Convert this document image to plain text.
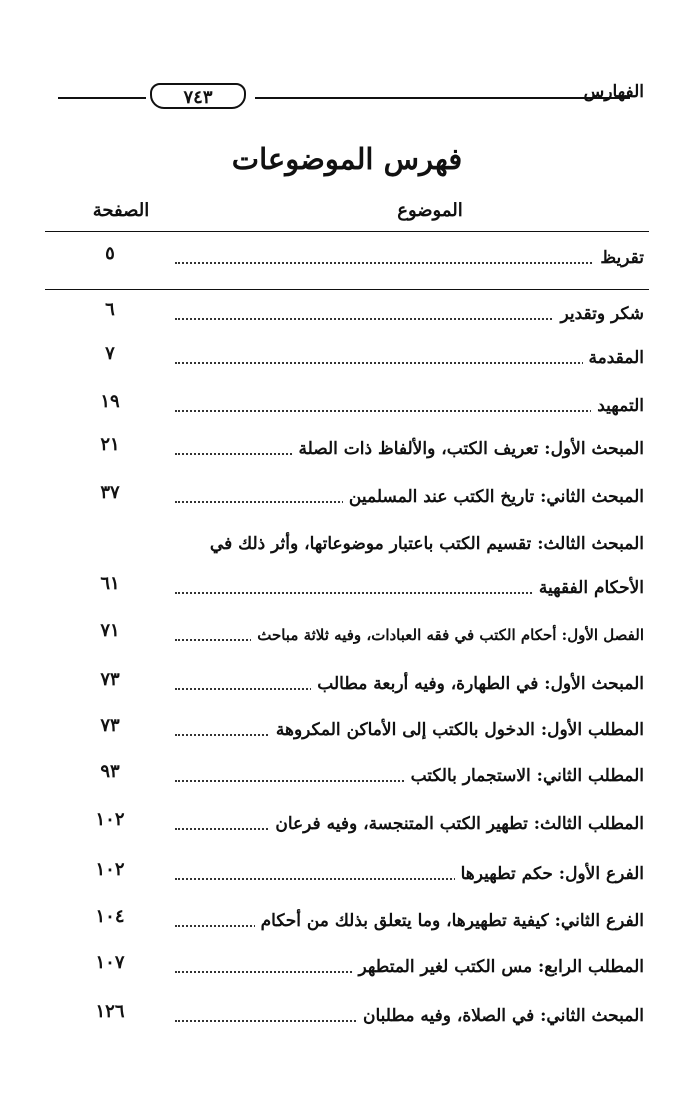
٧٤٣	الفهارس
فهرس الموضوعات
الموضوع
الصفحة
تقريظ
٥
شكر وتقدير
٦
المقدمة
٧
التمهيد
١٩
المبحث الأول: تعريف الكتب، والألفاظ ذات الصلة
٢١
المبحث الثاني: تاريخ الكتب عند المسلمين
٣٧
المبحث الثالث: تقسيم الكتب باعتبار موضوعاتها، وأثر ذلك في
الأحكام الفقهية
٦١
الفصل الأول: أحكام الكتب في فقه العبادات، وفيه ثلاثة مباحث
٧١
المبحث الأول: في الطهارة، وفيه أربعة مطالب
٧٣
المطلب الأول: الدخول بالكتب إلى الأماكن المكروهة
٧٣
المطلب الثاني: الاستجمار بالكتب
٩٣
المطلب الثالث: تطهير الكتب المتنجسة، وفيه فرعان
١٠٢
الفرع الأول: حكم تطهيرها
١٠٢
الفرع الثاني: كيفية تطهيرها، وما يتعلق بذلك من أحكام
١٠٤
المطلب الرابع: مس الكتب لغير المتطهر
١٠٧
المبحث الثاني: في الصلاة، وفيه مطلبان
١٢٦
